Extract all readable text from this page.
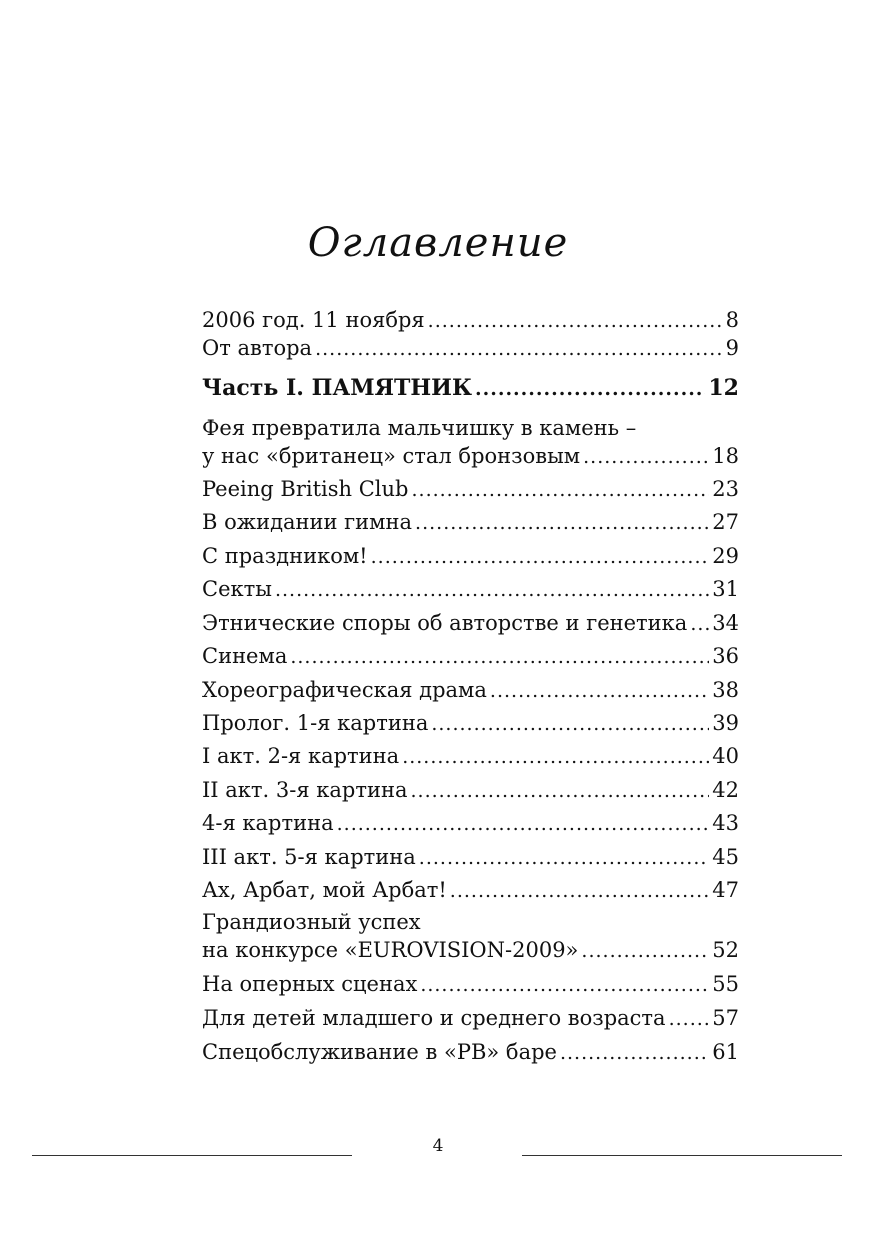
Оглавление
2006 год. 11 ноября .....	8
От автора .....	9
Часть I. ПАМЯТНИК .....	12
Фея превратила мальчишку в камень –
у нас «британец» стал бронзовым .....	18
Peeing British Club .....	23
В ожидании гимна .....	27
С праздником! .....	29
Секты .....	31
Этнические споры об авторстве и генетика ..... 34
Синема .....	36
Хореографическая драма .....	38
Пролог. 1-я картина .....	39
I акт. 2-я картина .....	40
II акт. 3-я картина .....	42
4-я картина .....	43
III акт. 5-я картина .....	45
Ах, Арбат, мой Арбат! .....	47
Грандиозный успех
на конкурсе «EUROVISION-2009» .....	52
На оперных сценах .....	55
Для детей младшего и среднего возраста ..... 57
Спецобслуживание в «PB» баре .....	61
4
